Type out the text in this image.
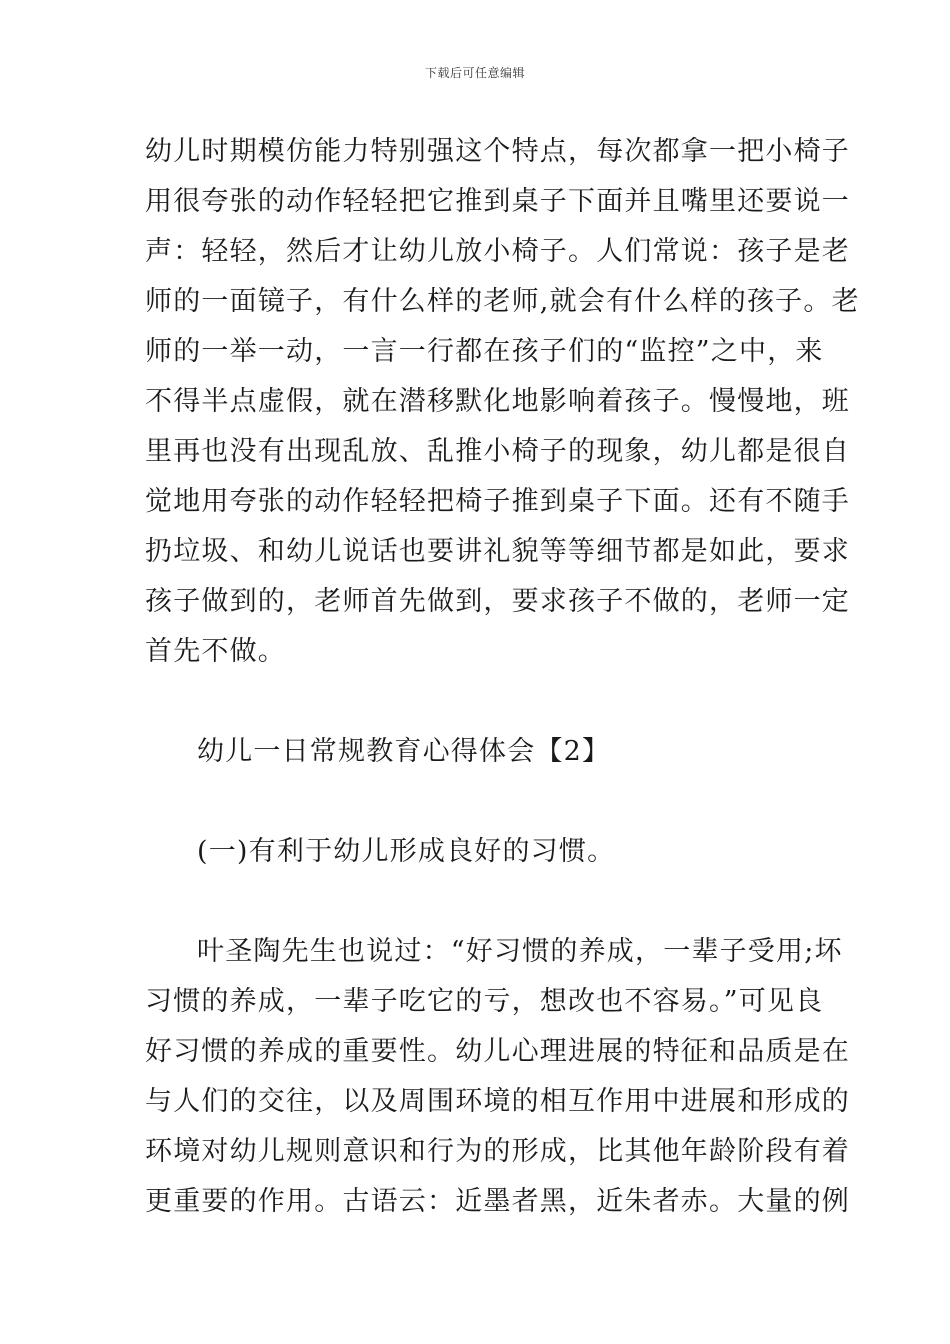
下载后可任意编辑
幼儿时期模仿能力特别强这个特点，每次都拿一把小椅子
用很夸张的动作轻轻把它推到桌子下面并且嘴里还要说一
声：轻轻，然后才让幼儿放小椅子。人们常说：孩子是老
师的一面镜子，有什么样的老师,就会有什么样的孩子。老
师的一举一动，一言一行都在孩子们的“监控”之中，来
不得半点虚假，就在潜移默化地影响着孩子。慢慢地，班
里再也没有出现乱放、乱推小椅子的现象，幼儿都是很自
觉地用夸张的动作轻轻把椅子推到桌子下面。还有不随手
扔垃圾、和幼儿说话也要讲礼貌等等细节都是如此，要求
孩子做到的，老师首先做到，要求孩子不做的，老师一定
首先不做。
幼儿一日常规教育心得体会【2】
(一)有利于幼儿形成良好的习惯。
叶圣陶先生也说过：“好习惯的养成，一辈子受用;坏
习惯的养成，一辈子吃它的亏，想改也不容易。”可见良
好习惯的养成的重要性。幼儿心理进展的特征和品质是在
与人们的交往，以及周围环境的相互作用中进展和形成的
环境对幼儿规则意识和行为的形成，比其他年龄阶段有着
更重要的作用。古语云：近墨者黑，近朱者赤。大量的例
